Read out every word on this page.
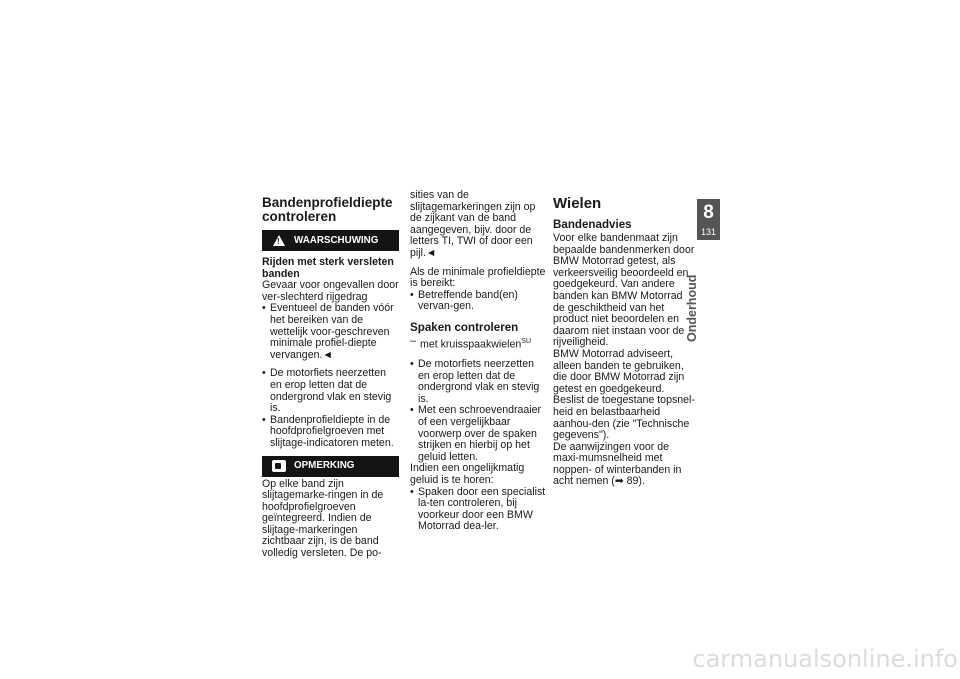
Bandenprofieldiepte controleren
!
WAARSCHUWING
Rijden met sterk versleten banden
Gevaar voor ongevallen door ver-slechterd rijgedrag
• Eventueel de banden vóór het bereiken van de wettelijk voor-geschreven minimale profiel-diepte vervangen.◄
• De motorfiets neerzetten en erop letten dat de ondergrond vlak en stevig is.
• Bandenprofieldiepte in de hoofdprofielgroeven met slijtage-indicatoren meten.
OPMERKING
Op elke band zijn slijtagemarke-ringen in de hoofdprofielgroeven geïntegreerd. Indien de slijtage-markeringen zichtbaar zijn, is de band volledig versleten. De po-
sities van de slijtagemarkeringen zijn op de zijkant van de band aangegeven, bijv. door de letters TI, TWI of door een pijl.◄
Als de minimale profieldiepte is bereikt:
• Betreffende band(en) vervan-gen.
Spaken controleren
– met kruisspaakwielen$^{SU}$
• De motorfiets neerzetten en erop letten dat de ondergrond vlak en stevig is.
• Met een schroevendraaier of een vergelijkbaar voorwerp over de spaken strijken en hierbij op het geluid letten.
Indien een ongelijkmatig geluid is te horen:
• Spaken door een specialist la-ten controleren, bij voorkeur door een BMW Motorrad dea-ler.
Wielen
Bandenadvies
Voor elke bandenmaat zijn bepaalde bandenmerken door BMW Motorrad getest, als verkeersveilig beoordeeld en goedgekeurd. Van andere banden kan BMW Motorrad de geschiktheid van het product niet beoordelen en daarom niet instaan voor de rijveiligheid.
BMW Motorrad adviseert, alleen banden te gebruiken, die door BMW Motorrad zijn getest en goedgekeurd.
Beslist de toegestane topsnel-heid en belastbaarheid aanhou-den (zie "Technische gegevens").
De aanwijzingen voor de maxi-mumsnelheid met noppen- of winterbanden in acht nemen (➡ 89).
8
131
Onderhoud
carmanualsonline.info
